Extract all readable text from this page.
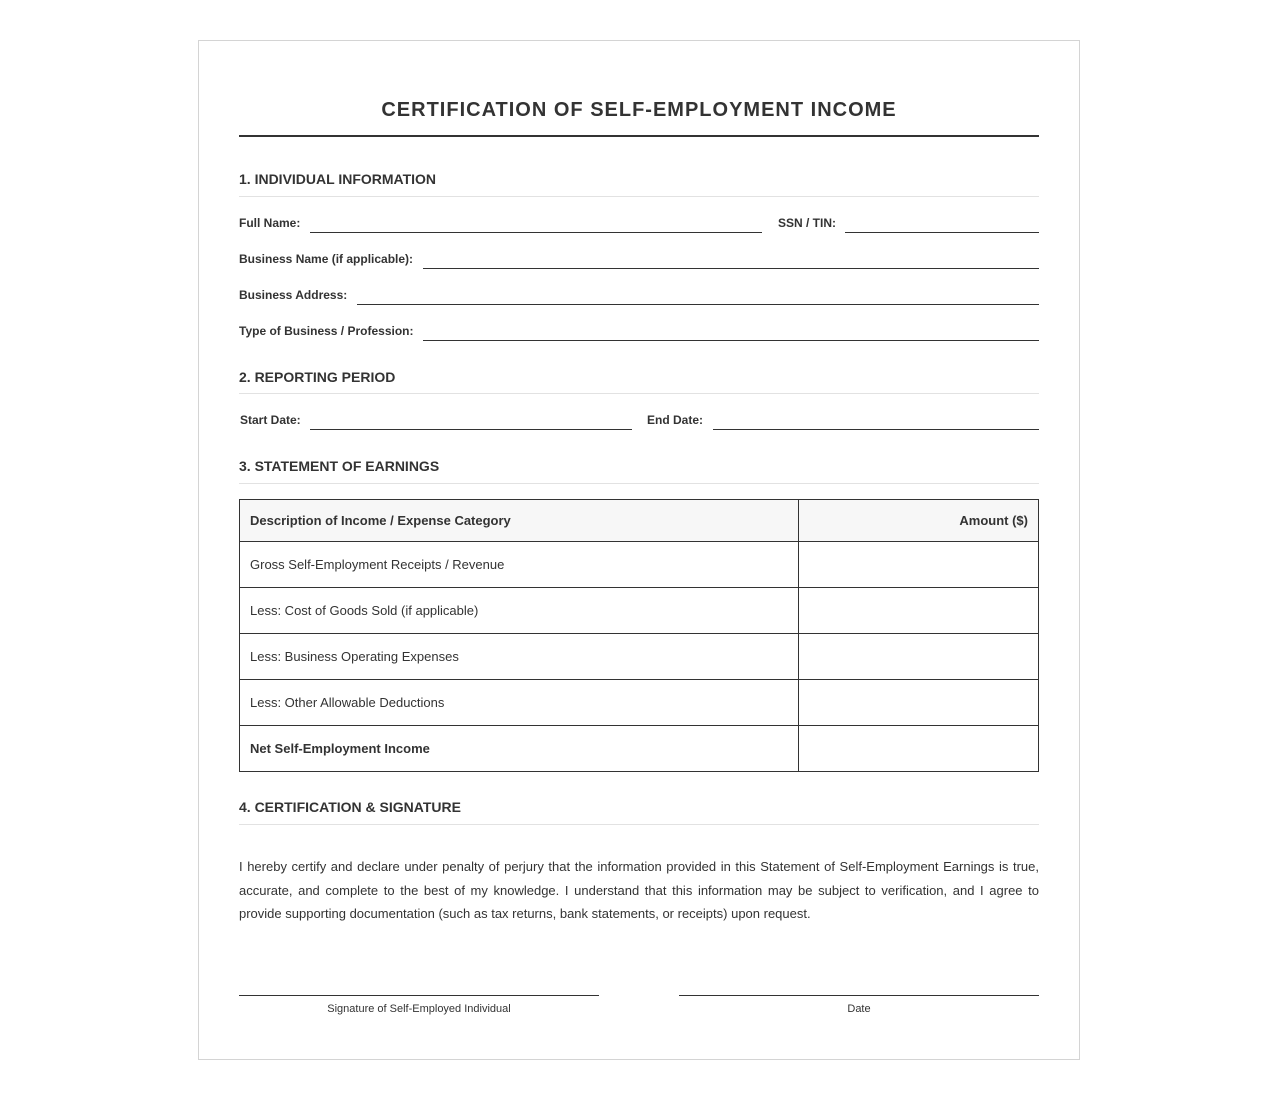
CERTIFICATION OF SELF-EMPLOYMENT INCOME
1. INDIVIDUAL INFORMATION
Full Name:	SSN / TIN:
Business Name (if applicable):
Business Address:
Type of Business / Profession:
2. REPORTING PERIOD
Start Date:	End Date:
3. STATEMENT OF EARNINGS
Description of Income / Expense Category	Amount ($)
Gross Self-Employment Receipts / Revenue	
Less: Cost of Goods Sold (if applicable)	
Less: Business Operating Expenses	
Less: Other Allowable Deductions	
Net Self-Employment Income	
4. CERTIFICATION & SIGNATURE
I hereby certify and declare under penalty of perjury that the information provided in this Statement of Self-Employment Earnings is true, accurate, and complete to the best of my knowledge. I understand that this information may be subject to verification, and I agree to provide supporting documentation (such as tax returns, bank statements, or receipts) upon request.
Signature of Self-Employed Individual	Date
